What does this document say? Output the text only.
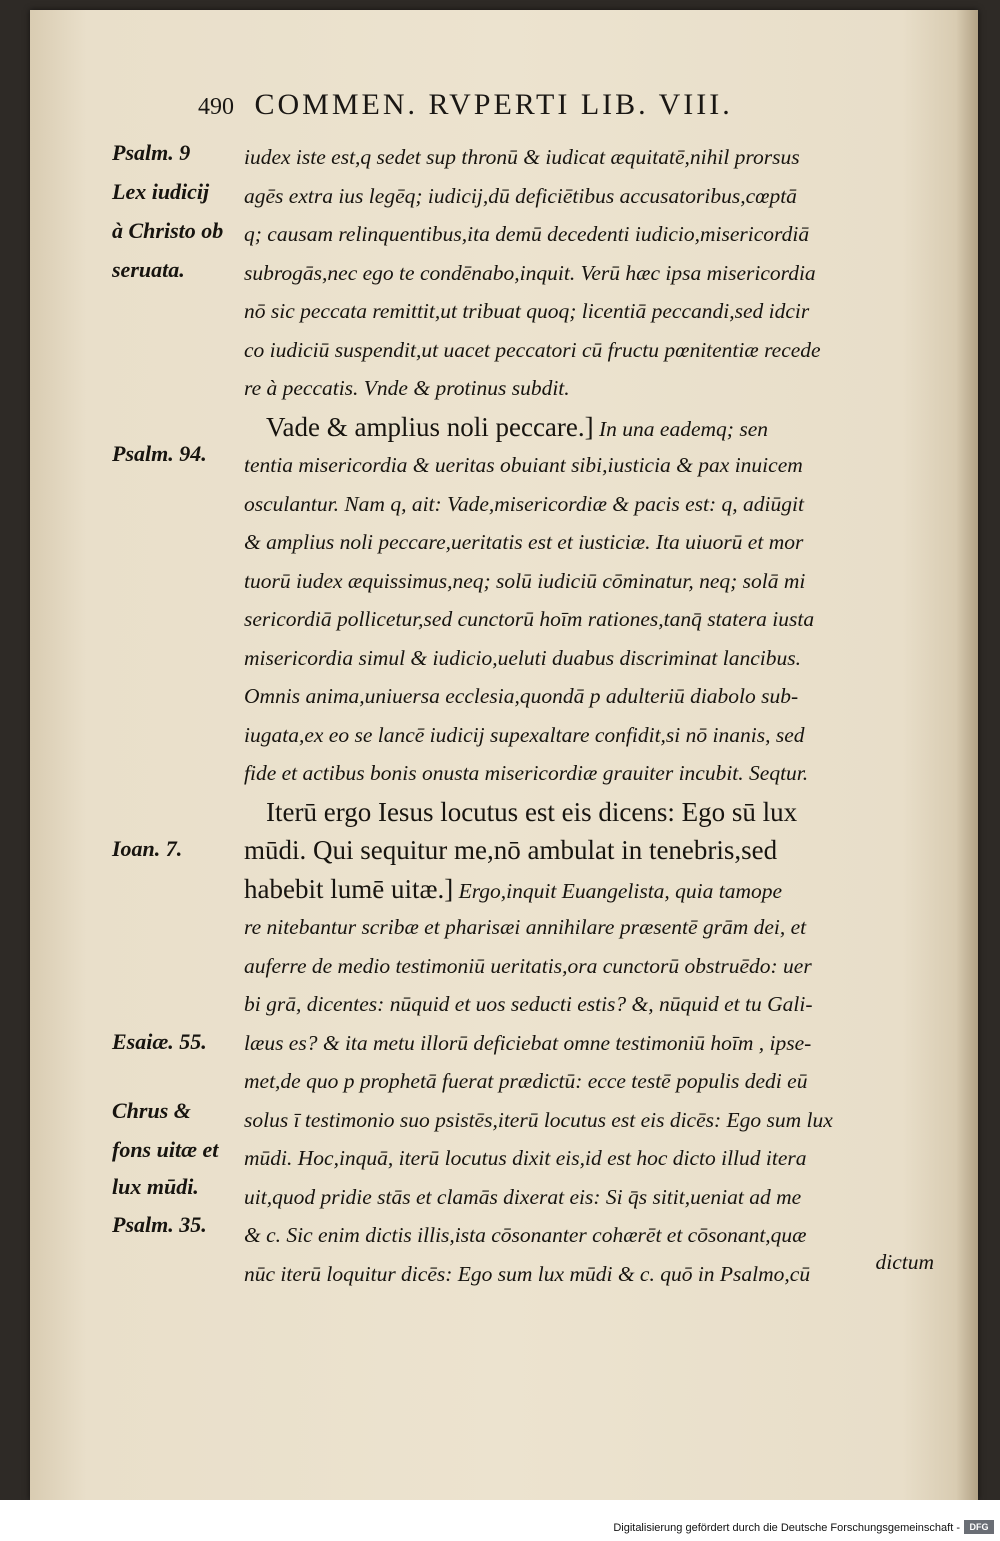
490 COMMEN. RVPERTI LIB. VIII.
Psalm. 9
Lex iudicij
à Christo ob
seruata.
Psalm. 94.
Ioan. 7.
Esaiæ. 55.
Chrus &
fons uitæ et
lux mūdi.
Psalm. 35.
iudex iste est,q sedet sup thronū & iudicat æquitatē,nihil prorsus
agēs extra ius legēq; iudicij,dū deficiētibus accusatoribus,cœptā
q; causam relinquentibus,ita demū decedenti iudicio,misericordiā
subrogās,nec ego te condēnabo,inquit. Verū hæc ipsa misericordia
nō sic peccata remittit,ut tribuat quoq; licentiā peccandi,sed idcir
co iudiciū suspendit,ut uacet peccatori cū fructu pœnitentiæ recede
re à peccatis. Vnde & protinus subdit.
Vade & amplius noli peccare.] In una eademq; sen
tentia misericordia & ueritas obuiant sibi,iusticia & pax inuicem
osculantur. Nam q, ait: Vade,misericordiæ & pacis est: q, adiūgit
& amplius noli peccare,ueritatis est et iusticiæ. Ita uiuorū et mor
tuorū iudex æquissimus,neq; solū iudiciū cōminatur, neq; solā mi
sericordiā pollicetur,sed cunctorū hoīm rationes,tanq̄ statera iusta
misericordia simul & iudicio,ueluti duabus discriminat lancibus.
Omnis anima,uniuersa ecclesia,quondā p adulteriū diabolo sub-
iugata,ex eo se lancē iudicij supexaltare confidit,si nō inanis, sed
fide et actibus bonis onusta misericordiæ grauiter incubit. Seqtur.
Iterū ergo Iesus locutus est eis dicens: Ego sū lux
mūdi. Qui sequitur me,nō ambulat in tenebris,sed
habebit lumē uitæ.] Ergo,inquit Euangelista, quia tamope
re nitebantur scribæ et pharisæi annihilare præsentē grām dei, et
auferre de medio testimoniū ueritatis,ora cunctorū obstruēdo: uer
bi grā, dicentes: nūquid et uos seducti estis? &, nūquid et tu Gali-
læus es? & ita metu illorū deficiebat omne testimoniū hoīm , ipse-
met,de quo p prophetā fuerat prædictū: ecce testē populis dedi eū
solus ī testimonio suo psistēs,iterū locutus est eis dicēs: Ego sum lux
mūdi. Hoc,inquā, iterū locutus dixit eis,id est hoc dicto illud itera
uit,quod pridie stās et clamās dixerat eis: Si q̄s sitit,ueniat ad me
& c. Sic enim dictis illis,ista cōsonanter cohærēt et cōsonant,quæ
nūc iterū loquitur dicēs: Ego sum lux mūdi & c. quō in Psalmo,cū	dictum
Digitalisierung gefördert durch die Deutsche Forschungsgemeinschaft -	DFG
